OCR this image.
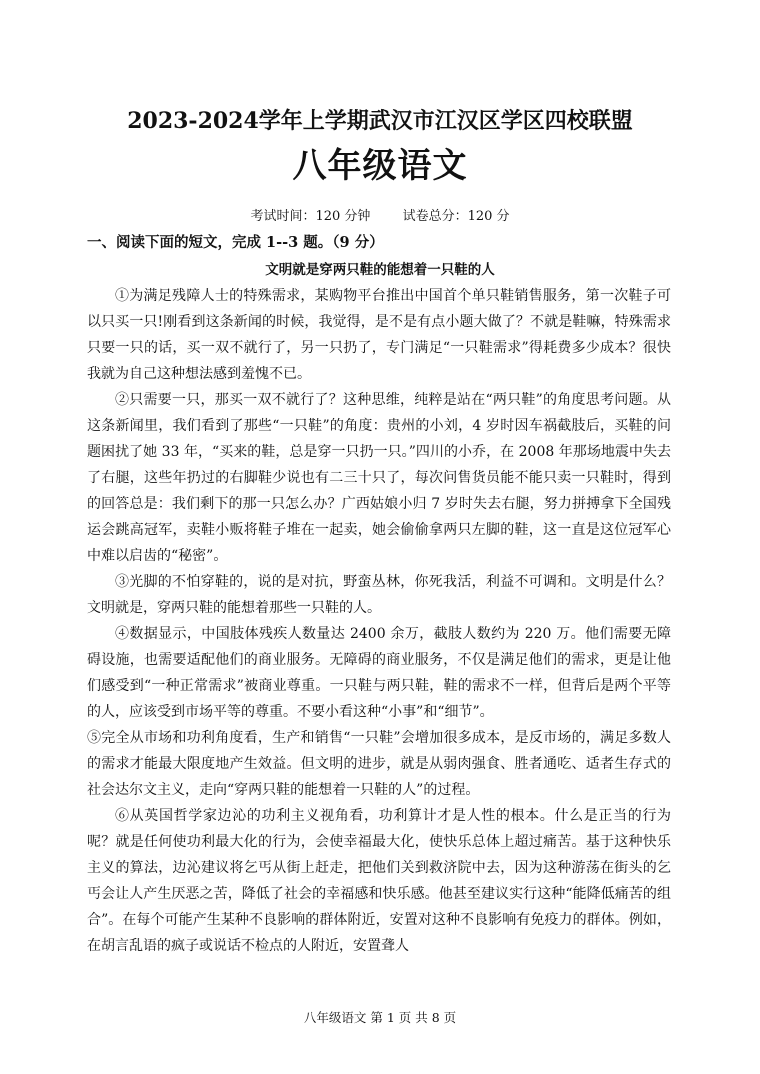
2023-2024学年上学期武汉市江汉区学区四校联盟
八年级语文
考试时间：120 分钟 试卷总分：120 分
一、阅读下面的短文，完成 1--3 题。（9 分）
文明就是穿两只鞋的能想着一只鞋的人

①为满足残障人士的特殊需求，某购物平台推出中国首个单只鞋销售服务，第一次鞋子可以只买一只!刚看到这条新闻的时候，我觉得，是不是有点小题大做了？不就是鞋嘛，特殊需求只要一只的话，买一双不就行了，另一只扔了，专门满足“一只鞋需求”得耗费多少成本？很快我就为自己这种想法感到羞愧不已。

②只需要一只，那买一双不就行了？这种思维，纯粹是站在“两只鞋”的角度思考问题。从这条新闻里，我们看到了那些“一只鞋”的角度：贵州的小刘，4 岁时因车祸截肢后，买鞋的问题困扰了她 33 年，“买来的鞋，总是穿一只扔一只。”四川的小乔，在 2008 年那场地震中失去了右腿，这些年扔过的右脚鞋少说也有二三十只了，每次问售货员能不能只卖一只鞋时，得到的回答总是：我们剩下的那一只怎么办？广西姑娘小归 7 岁时失去右腿，努力拼搏拿下全国残运会跳高冠军，卖鞋小贩将鞋子堆在一起卖，她会偷偷拿两只左脚的鞋，这一直是这位冠军心中难以启齿的“秘密”。

③光脚的不怕穿鞋的，说的是对抗，野蛮丛林，你死我活，利益不可调和。文明是什么？文明就是，穿两只鞋的能想着那些一只鞋的人。

④数据显示，中国肢体残疾人数量达 2400 余万，截肢人数约为 220 万。他们需要无障碍设施，也需要适配他们的商业服务。无障碍的商业服务，不仅是满足他们的需求，更是让他们感受到“一种正常需求”被商业尊重。一只鞋与两只鞋，鞋的需求不一样，但背后是两个平等的人，应该受到市场平等的尊重。不要小看这种“小事”和“细节”。

⑤完全从市场和功利角度看，生产和销售“一只鞋”会增加很多成本，是反市场的，满足多数人的需求才能最大限度地产生效益。但文明的进步，就是从弱肉强食、胜者通吃、适者生存式的社会达尔文主义，走向“穿两只鞋的能想着一只鞋的人”的过程。

⑥从英国哲学家边沁的功利主义视角看，功利算计才是人性的根本。什么是正当的行为呢？就是任何使功利最大化的行为，会使幸福最大化，使快乐总体上超过痛苦。基于这种快乐主义的算法，边沁建议将乞丐从街上赶走，把他们关到救济院中去，因为这种游荡在街头的乞丐会让人产生厌恶之苦，降低了社会的幸福感和快乐感。他甚至建议实行这种“能降低痛苦的组合”。在每个可能产生某种不良影响的群体附近，安置对这种不良影响有免疫力的群体。例如，在胡言乱语的疯子或说话不检点的人附近，安置聋人

八年级语文 第 1 页 共 8 页
